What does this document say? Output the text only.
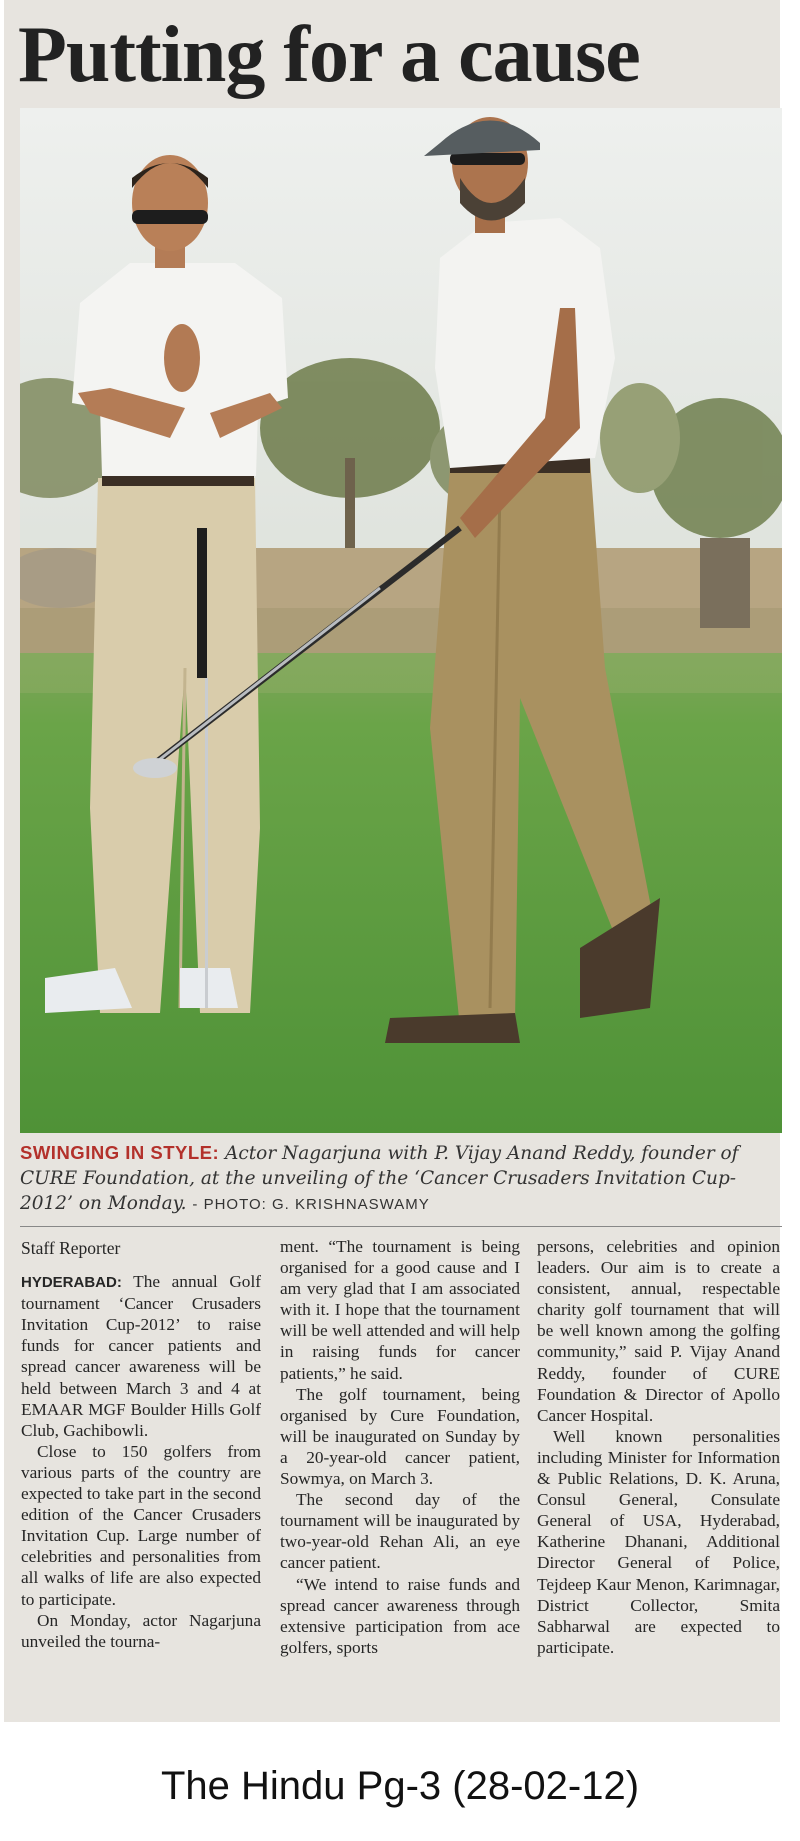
Putting for a cause

SWINGING IN STYLE: Actor Nagarjuna with P. Vijay Anand Reddy, founder of CURE Foundation, at the unveiling of the ‘Cancer Crusaders Invitation Cup-2012’ on Monday. - PHOTO: G. KRISHNASWAMY

Staff Reporter

HYDERABAD: The annual Golf tournament ‘Cancer Crusaders Invitation Cup-2012’ to raise funds for cancer patients and spread cancer awareness will be held between March 3 and 4 at EMAAR MGF Boulder Hills Golf Club, Gachibowli.

Close to 150 golfers from various parts of the country are expected to take part in the second edition of the Cancer Crusaders Invitation Cup. Large number of celebrities and personalities from all walks of life are also expected to participate.

On Monday, actor Nagarjuna unveiled the tourna-

ment. “The tournament is being organised for a good cause and I am very glad that I am associated with it. I hope that the tournament will be well attended and will help in raising funds for cancer patients,” he said.

The golf tournament, being organised by Cure Foundation, will be inaugurated on Sunday by a 20-year-old cancer patient, Sowmya, on March 3.

The second day of the tournament will be inaugurated by two-year-old Rehan Ali, an eye cancer patient.

“We intend to raise funds and spread cancer awareness through extensive participation from ace golfers, sports

persons, celebrities and opinion leaders. Our aim is to create a consistent, annual, respectable charity golf tournament that will be well known among the golfing community,” said P. Vijay Anand Reddy, founder of CURE Foundation & Director of Apollo Cancer Hospital.

Well known personalities including Minister for Information & Public Relations, D. K. Aruna, Consul General, Consulate General of USA, Hyderabad, Katherine Dhanani, Additional Director General of Police, Tejdeep Kaur Menon, Karimnagar, District Collector, Smita Sabharwal are expected to participate.

The Hindu Pg-3 (28-02-12)
